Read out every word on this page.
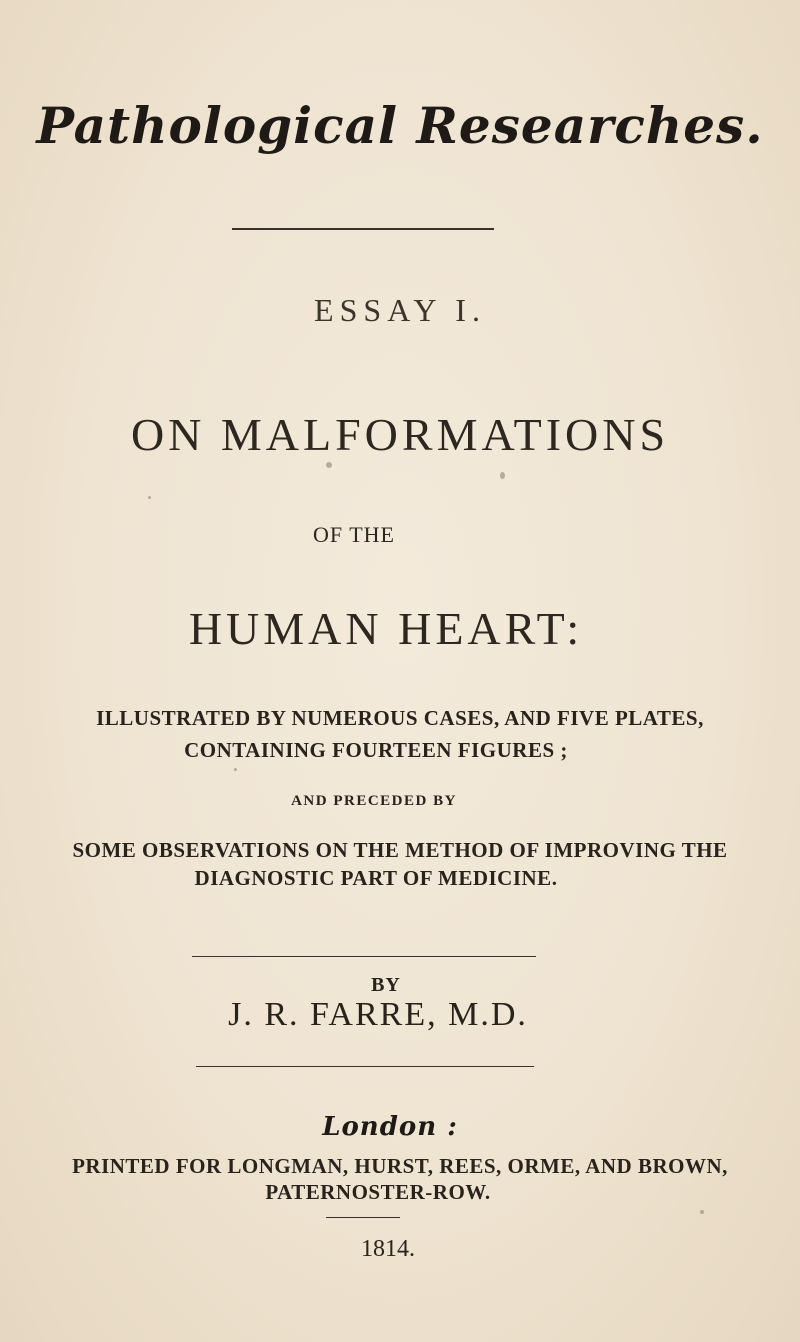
Pathological Researches.
ESSAY I.
ON MALFORMATIONS
OF THE
HUMAN HEART:
ILLUSTRATED BY NUMEROUS CASES, AND FIVE PLATES,
CONTAINING FOURTEEN FIGURES ;
AND PRECEDED BY
SOME OBSERVATIONS ON THE METHOD OF IMPROVING THE
DIAGNOSTIC PART OF MEDICINE.
BY
J. R. FARRE, M.D.
London :
PRINTED FOR LONGMAN, HURST, REES, ORME, AND BROWN,
PATERNOSTER-ROW.
1814.
